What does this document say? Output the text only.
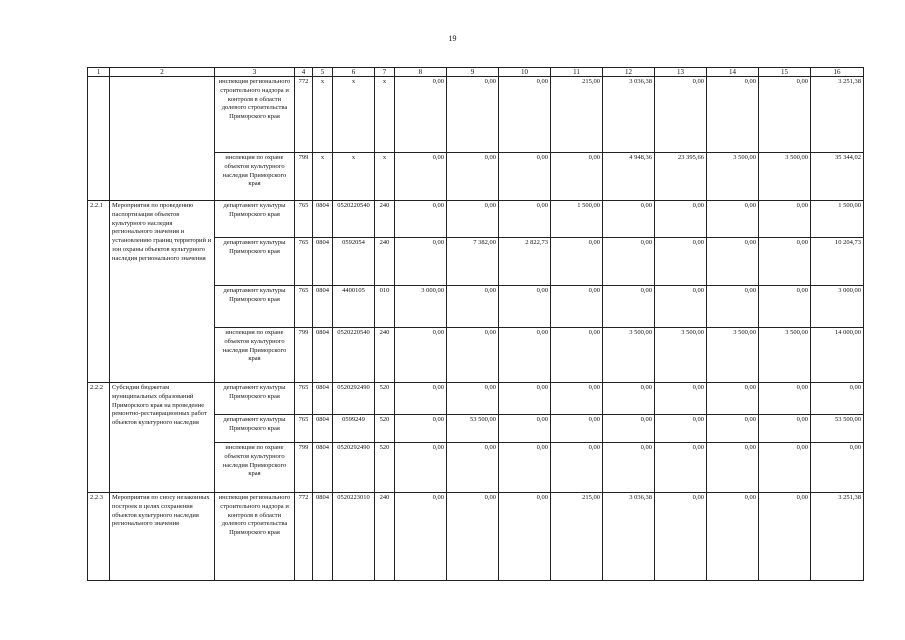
19
1	2	3	4	5	6	7	8	9	10	11	12	13	14	15	16
		инспекция регионального строительного надзора и контроля в области долевого строительства Приморского края	772	х	х	х	0,00	0,00	0,00	215,00	3 036,38	0,00	0,00	0,00	3 251,38
		инспекция по охране объектов культурного наследия Приморского края	799	х	х	х	0,00	0,00	0,00	0,00	4 948,36	23 395,66	3 500,00	3 500,00	35 344,02
2.2.1	Мероприятия по проведению паспортизация объектов культурного наследия регионального значения и установлению границ территорий и зон охраны объектов культурного наследия регионального значения	департамент культуры Приморского края	765	0804	0520220540	240	0,00	0,00	0,00	1 500,00	0,00	0,00	0,00	0,00	1 500,00
		департамент культуры Приморского края	765	0804	0592054	240	0,00	7 382,00	2 822,73	0,00	0,00	0,00	0,00	0,00	10 204,73
		департамент культуры Приморского края	765	0804	4400105	010	3 000,00	0,00	0,00	0,00	0,00	0,00	0,00	0,00	3 000,00
		инспекция по охране объектов культурного наследия Приморского края	799	0804	0520220540	240	0,00	0,00	0,00	0,00	3 500,00	3 500,00	3 500,00	3 500,00	14 000,00
2.2.2	Субсидии бюджетам муниципальных образований Приморского края на проведение ремонтно-реставрационных работ объектов культурного наследия	департамент культуры Приморского края	765	0804	0520292490	520	0,00	0,00	0,00	0,00	0,00	0,00	0,00	0,00	0,00
		департамент культуры Приморского края	765	0804	0599249	520	0,00	53 500,00	0,00	0,00	0,00	0,00	0,00	0,00	53 500,00
		инспекция по охране объектов культурного наследия Приморского края	799	0804	0520292490	520	0,00	0,00	0,00	0,00	0,00	0,00	0,00	0,00	0,00
2.2.3	Мероприятия по сносу незаконных построек в целях сохранения объектов культурного наследия регионального значения	инспекция регионального строительного надзора и контроля в области долевого строительства Приморского края	772	0804	0520223010	240	0,00	0,00	0,00	215,00	3 036,38	0,00	0,00	0,00	3 251,38
